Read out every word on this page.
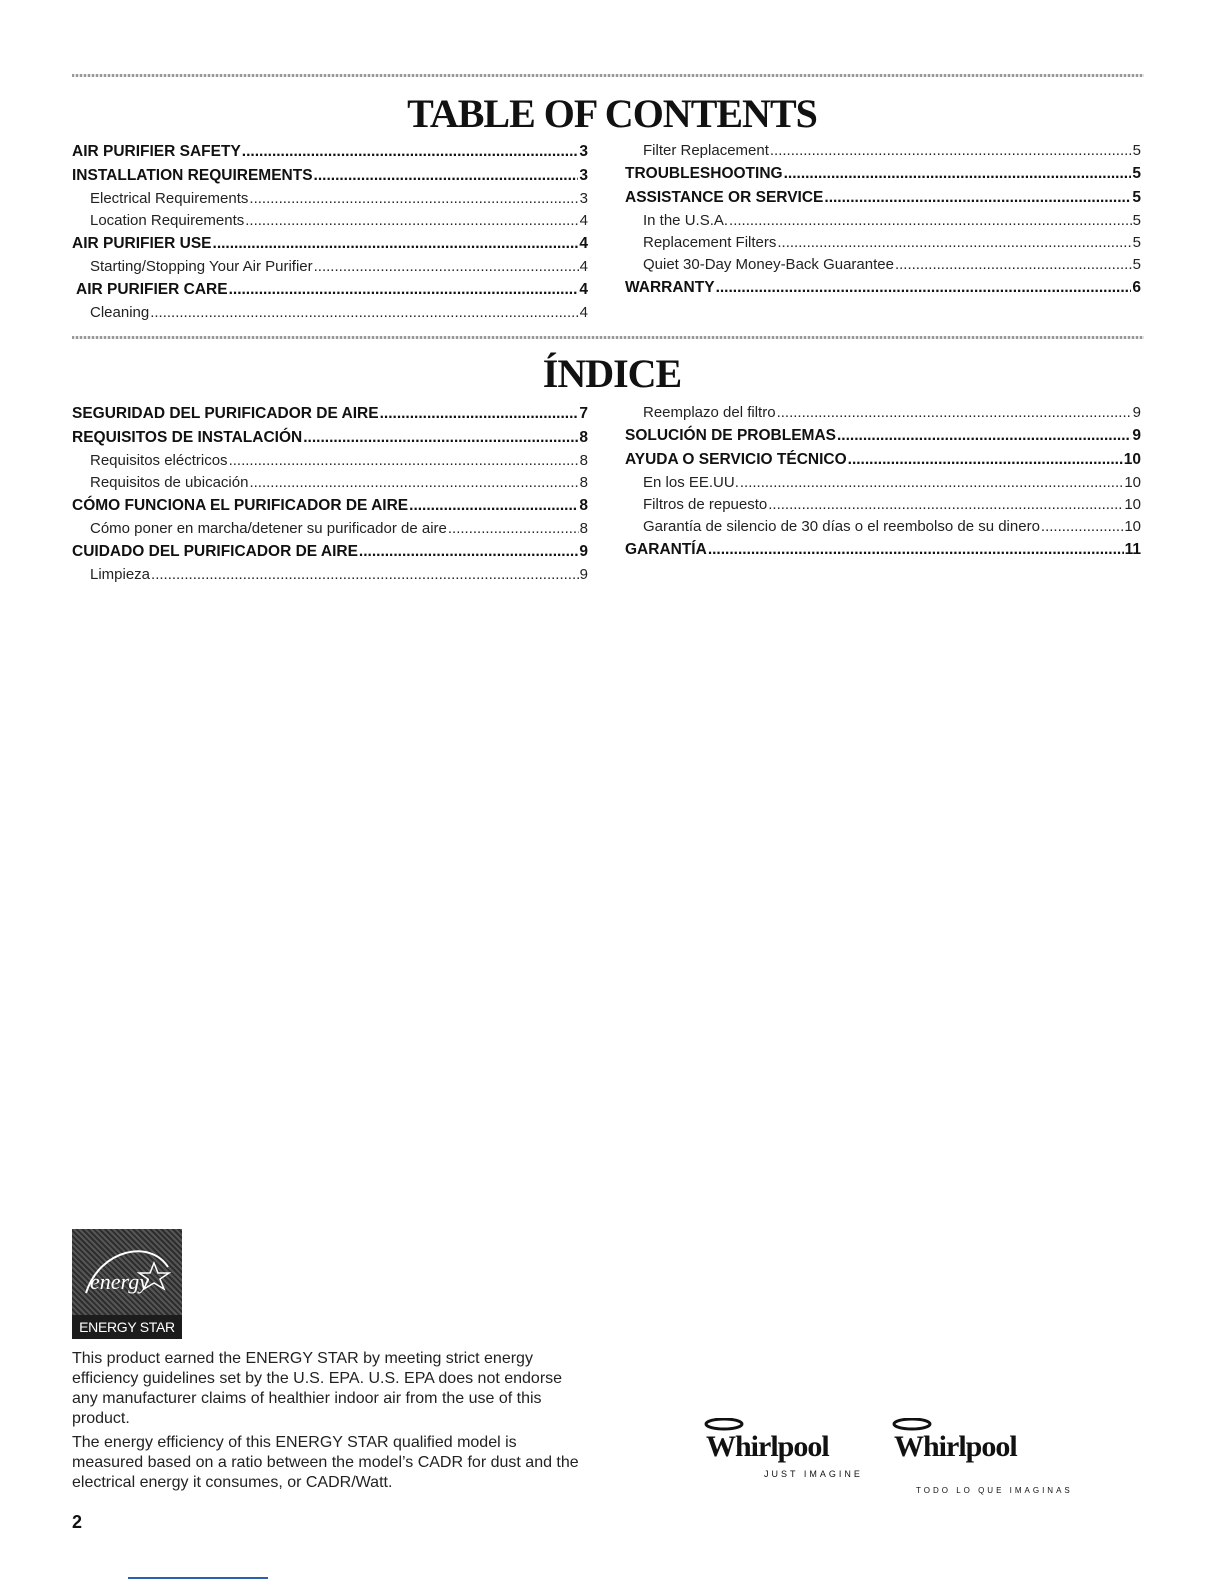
TABLE OF CONTENTS
AIR PURIFIER SAFETY .....	3
INSTALLATION REQUIREMENTS .....	3
Electrical Requirements .....	3
Location Requirements .....	4
AIR PURIFIER USE .....	4
Starting/Stopping Your Air Purifier .....	4
AIR PURIFIER CARE .....	4
Cleaning .....	4
Filter Replacement .....	5
TROUBLESHOOTING .....	5
ASSISTANCE OR SERVICE .....	5
In the U.S.A. .....	5
Replacement Filters .....	5
Quiet 30-Day Money-Back Guarantee .....	5
WARRANTY .....	6
ÍNDICE
SEGURIDAD DEL PURIFICADOR DE AIRE .....	7
REQUISITOS DE INSTALACIÓN .....	8
Requisitos eléctricos .....	8
Requisitos de ubicación .....	8
CÓMO FUNCIONA EL PURIFICADOR DE AIRE .....	8
Cómo poner en marcha/detener su purificador de aire .....	8
CUIDADO DEL PURIFICADOR DE AIRE .....	9
Limpieza .....	9
Reemplazo del filtro .....	9
SOLUCIÓN DE PROBLEMAS .....	9
AYUDA O SERVICIO TÉCNICO .....	10
En los EE.UU. .....	10
Filtros de repuesto .....	10
Garantía de silencio de 30 días o el reembolso de su dinero .....	10
GARANTÍA .....	11
energy
ENERGY STAR

This product earned the ENERGY STAR by meeting strict energy efficiency guidelines set by the U.S. EPA. U.S. EPA does not endorse any manufacturer claims of healthier indoor air from the use of this product.

The energy efficiency of this ENERGY STAR qualified model is measured based on a ratio between the model’s CADR for dust and the electrical energy it consumes, or CADR/Watt.

Whirlpool
JUST IMAGINE
Whirlpool
TODO LO QUE IMAGINAS
2
